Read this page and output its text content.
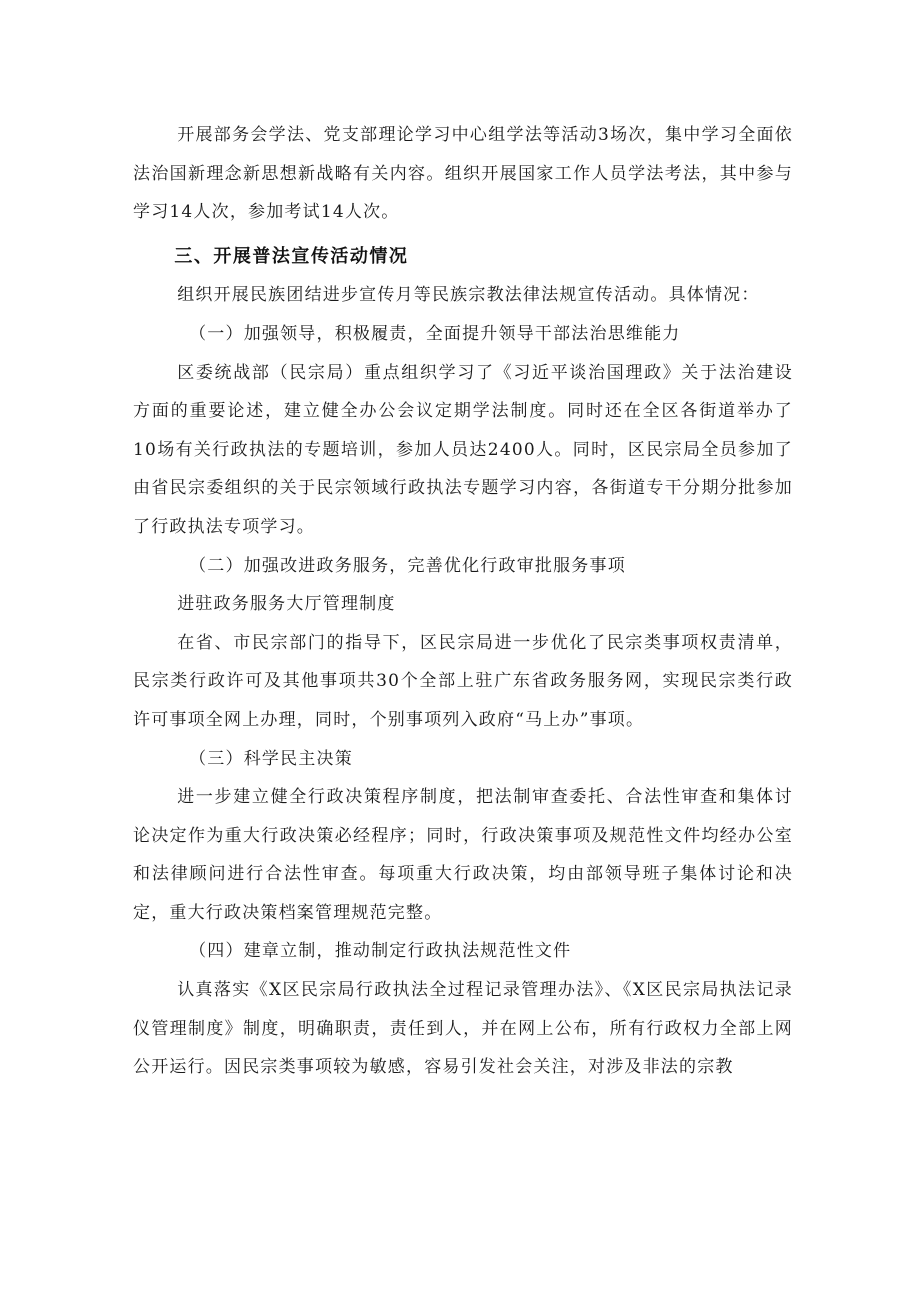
开展部务会学法、党支部理论学习中心组学法等活动3场次，集中学习全面依法治国新理念新思想新战略有关内容。组织开展国家工作人员学法考法，其中参与学习14人次，参加考试14人次。

三、开展普法宣传活动情况

组织开展民族团结进步宣传月等民族宗教法律法规宣传活动。具体情况：

（一）加强领导，积极履责，全面提升领导干部法治思维能力

区委统战部（民宗局）重点组织学习了《习近平谈治国理政》关于法治建设方面的重要论述，建立健全办公会议定期学法制度。同时还在全区各街道举办了10场有关行政执法的专题培训，参加人员达2400人。同时，区民宗局全员参加了由省民宗委组织的关于民宗领域行政执法专题学习内容，各街道专干分期分批参加了行政执法专项学习。

（二）加强改进政务服务，完善优化行政审批服务事项

进驻政务服务大厅管理制度

在省、市民宗部门的指导下，区民宗局进一步优化了民宗类事项权责清单，民宗类行政许可及其他事项共30个全部上驻广东省政务服务网，实现民宗类行政许可事项全网上办理，同时，个别事项列入政府“马上办”事项。

（三）科学民主决策

进一步建立健全行政决策程序制度，把法制审查委托、合法性审查和集体讨论决定作为重大行政决策必经程序；同时，行政决策事项及规范性文件均经办公室和法律顾问进行合法性审查。每项重大行政决策，均由部领导班子集体讨论和决定，重大行政决策档案管理规范完整。

（四）建章立制，推动制定行政执法规范性文件

认真落实《X区民宗局行政执法全过程记录管理办法》、《X区民宗局执法记录仪管理制度》制度，明确职责，责任到人，并在网上公布，所有行政权力全部上网公开运行。因民宗类事项较为敏感，容易引发社会关注，对涉及非法的宗教
